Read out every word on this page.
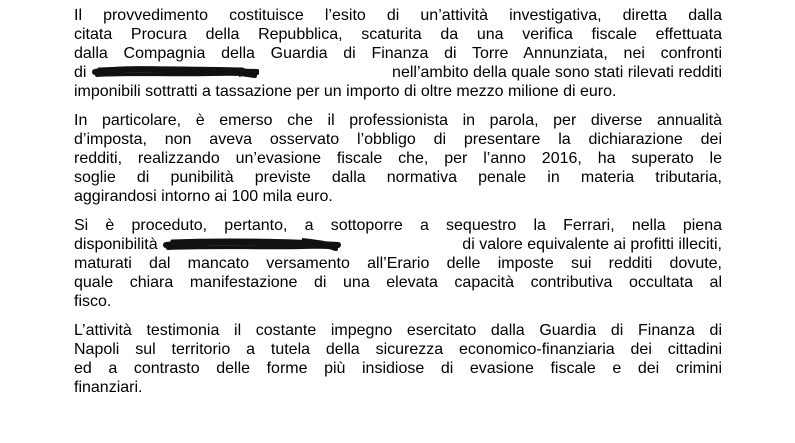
Il provvedimento costituisce l’esito di un’attività investigativa, diretta dalla
citata Procura della Repubblica, scaturita da una verifica fiscale effettuata
dalla Compagnia della Guardia di Finanza di Torre Annunziata, nei confronti
di	nell’ambito della quale sono stati rilevati redditi
imponibili sottratti a tassazione per un importo di oltre mezzo milione di euro.
In particolare, è emerso che il professionista in parola, per diverse annualità
d’imposta, non aveva osservato l’obbligo di presentare la dichiarazione dei
redditi, realizzando un’evasione fiscale che, per l’anno 2016, ha superato le
soglie di punibilità previste dalla normativa penale in materia tributaria,
aggirandosi intorno ai 100 mila euro.
Si è proceduto, pertanto, a sottoporre a sequestro la Ferrari, nella piena
disponibilità	di valore equivalente ai profitti illeciti,
maturati dal mancato versamento all’Erario delle imposte sui redditi dovute,
quale chiara manifestazione di una elevata capacità contributiva occultata al
fisco.
L’attività testimonia il costante impegno esercitato dalla Guardia di Finanza di
Napoli sul territorio a tutela della sicurezza economico-finanziaria dei cittadini
ed a contrasto delle forme più insidiose di evasione fiscale e dei crimini
finanziari.
